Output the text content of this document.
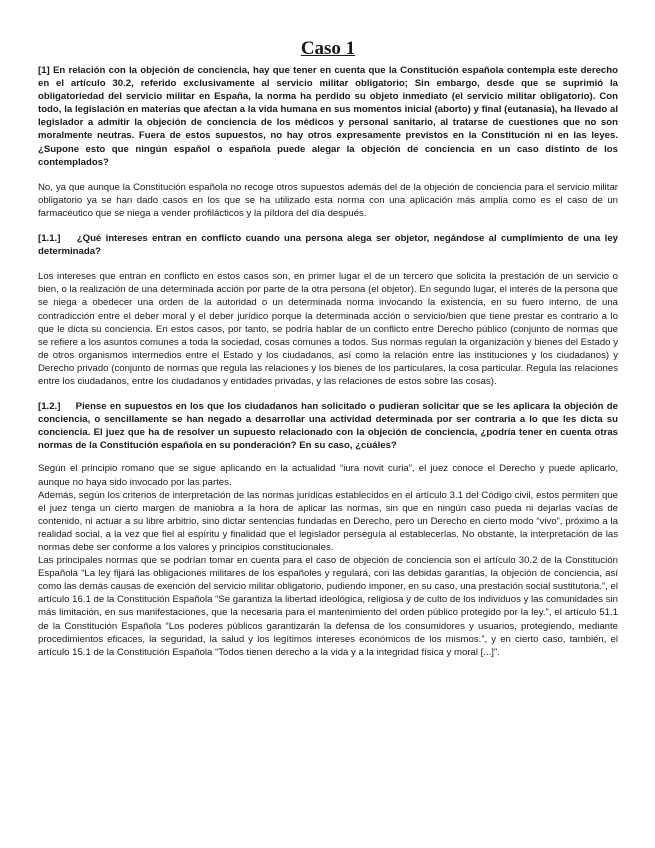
Caso 1

[1] En relación con la objeción de conciencia, hay que tener en cuenta que la Constitución española contempla este derecho en el artículo 30.2, referido exclusivamente al servicio militar obligatorio; Sin embargo, desde que se suprimió la obligatoriedad del servicio militar en España, la norma ha perdido su objeto inmediato (el servicio militar obligatorio). Con todo, la legislación en materias que afectan a la vida humana en sus momentos inicial (aborto) y final (eutanasia), ha llevado al legislador a admitir la objeción de conciencia de los médicos y personal sanitario, al tratarse de cuestiones que no son moralmente neutras. Fuera de estos supuestos, no hay otros expresamente previstos en la Constitución ni en las leyes. ¿Supone esto que ningún español o española puede alegar la objeción de conciencia en un caso distinto de los contemplados?

No, ya que aunque la Constitución española no recoge otros supuestos además del de la objeción de conciencia para el servicio militar obligatorio ya se han dado casos en los que se ha utilizado esta norma con una aplicación más amplia como es el caso de un farmacéutico que se niega a vender profilácticos y la píldora del día después.

[1.1.] ¿Qué intereses entran en conflicto cuando una persona alega ser objetor, negándose al cumplimiento de una ley determinada?

Los intereses que entran en conflicto en estos casos son, en primer lugar el de un tercero que solicita la prestación de un servicio o bien, o la realización de una determinada acción por parte de la otra persona (el objetor). En segundo lugar, el interés de la persona que se niega a obedecer una orden de la autoridad o un determinada norma invocando la existencia, en su fuero interno, de una contradicción entre el deber moral y el deber jurídico porque la determinada acción o servicio/bien que tiene prestar es contrario a lo que le dicta su conciencia. En estos casos, por tanto, se podría hablar de un conflicto entre Derecho público (conjunto de normas que se refiere a los asuntos comunes a toda la sociedad, cosas comunes a todos. Sus normas regulan la organización y bienes del Estado y de otros organismos intermedios entre el Estado y los ciudadanos, así como la relación entre las instituciones y los ciudadanos) y Derecho privado (conjunto de normas que regula las relaciones y los bienes de los particulares, la cosa particular. Regula las relaciones entre los ciudadanos, entre los ciudadanos y entidades privadas, y las relaciones de estos sobre las cosas).

[1.2.] Piense en supuestos en los que los ciudadanos han solicitado o pudieran solicitar que se les aplicara la objeción de conciencia, o sencillamente se han negado a desarrollar una actividad determinada por ser contraria a lo que les dicta su conciencia. El juez que ha de resolver un supuesto relacionado con la objeción de conciencia, ¿podría tener en cuenta otras normas de la Constitución española en su ponderación? En su caso, ¿cuáles?

Según el principio romano que se sigue aplicando en la actualidad “iura novit curia”, el juez conoce el Derecho y puede aplicarlo, aunque no haya sido invocado por las partes.

Además, según los criterios de interpretación de las normas jurídicas establecidos en el artículo 3.1 del Código civil, estos permiten que el juez tenga un cierto margen de maniobra a la hora de aplicar las normas, sin que en ningún caso pueda ni dejarlas vacías de contenido, ni actuar a su libre arbitrio, sino dictar sentencias fundadas en Derecho, pero un Derecho en cierto modo “vivo”, próximo a la realidad social, a la vez que fiel al espíritu y finalidad que el legislador perseguía al establecerlas. No obstante, la interpretación de las normas debe ser conforme a los valores y principios constitucionales.

Las principales normas que se podrían tomar en cuenta para el caso de objeción de conciencia son el artículo 30.2 de la Constitución Española “La ley fijará las obligaciones militares de los españoles y regulará, con las debidas garantías, la objeción de conciencia, así como las demás causas de exención del servicio militar obligatorio, pudiendo imponer, en su caso, una prestación social sustitutoria.”, el artículo 16.1 de la Constitución Española “Se garantiza la libertad ideológica, religiosa y de culto de los individuos y las comunidades sin más limitación, en sus manifestaciones, que la necesaria para el mantenimiento del orden público protegido por la ley.”, el artículo 51.1 de la Constitución Española “Los poderes públicos garantizarán la defensa de los consumidores y usuarios, protegiendo, mediante procedimientos eficaces, la seguridad, la salud y los legítimos intereses económicos de los mismos.”, y en cierto caso, también, el artículo 15.1 de la Constitución Española “Todos tienen derecho a la vida y a la integridad física y moral [...]”.
